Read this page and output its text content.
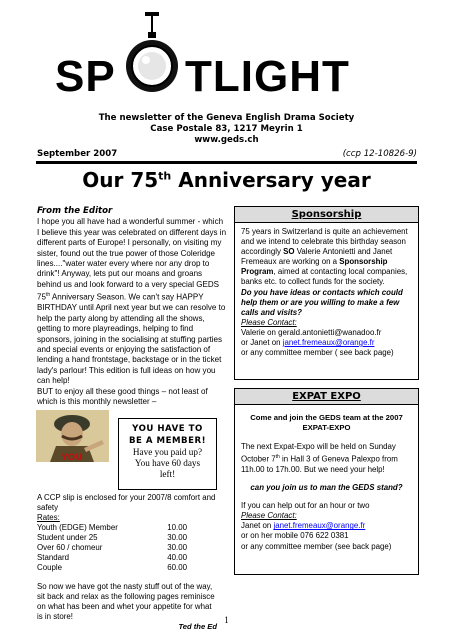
SP TLIGHT
The newsletter of the Geneva English Drama Society
Case Postale 83, 1217 Meyrin 1
www.geds.ch
September 2007	(ccp 12-10826-9)
Our 75th Anniversary year
From the Editor

I hope you all have had a wonderful summer - which I believe this year was celebrated on different days in different parts of Europe! I personally, on visiting my sister, found out the true power of those Coleridge lines...."water water every where nor any drop to drink"! Anyway, lets put our moans and groans behind us and look forward to a very special GEDS 75th Anniversary Season. We can't say HAPPY BIRTHDAY until April next year but we can resolve to help the party along by attending all the shows, getting to more playreadings, helping to find sponsors, joining in the socialising at stuffing parties and special events or enjoying the satisfaction of lending a hand frontstage, backstage or in the ticket lady's parlour! This edition is full ideas on how you can help!

BUT to enjoy all these good things – not least of which is this monthly newsletter –

YOU
YOU HAVE TO
BE A MEMBER!
Have you paid up?
You have 60 days
left!

A CCP slip is enclosed for your 2007/8 comfort and safety

Rates:

Youth (EDGE) Member	10.00
Student under 25	30.00
Over 60 / chomeur	30.00
Standard	40.00
Couple	60.00

So now we have got the nasty stuff out of the way, sit back and relax as the following pages reminisce on what has been and whet your appetite for what is in store!

Ted the Ed
Sponsorship

75 years in Switzerland is quite an achievement and we intend to celebrate this birthday season accordingly SO Valerie Antonietti and Janet Fremeaux are working on a Sponsorship Program, aimed at contacting local companies, banks etc. to collect funds for the society.

Do you have ideas or contacts which could help them or are you willing to make a few calls and visits?

Please Contact:

Valerie on gerald.antonietti@wanadoo.fr

or Janet on janet.fremeaux@orange.fr

or any committee member ( see back page)

EXPAT EXPO

Come and join the GEDS team at the 2007 EXPAT-EXPO

The next Expat-Expo will be held on Sunday October 7th in Hall 3 of Geneva Palexpo from 11h.00 to 17h.00. But we need your help!

can you join us to man the GEDS stand?

If you can help out for an hour or two

Please Contact:

Janet on janet.fremeaux@orange.fr

or on her mobile 076 622 0381

or any committee member (see back page)

1
